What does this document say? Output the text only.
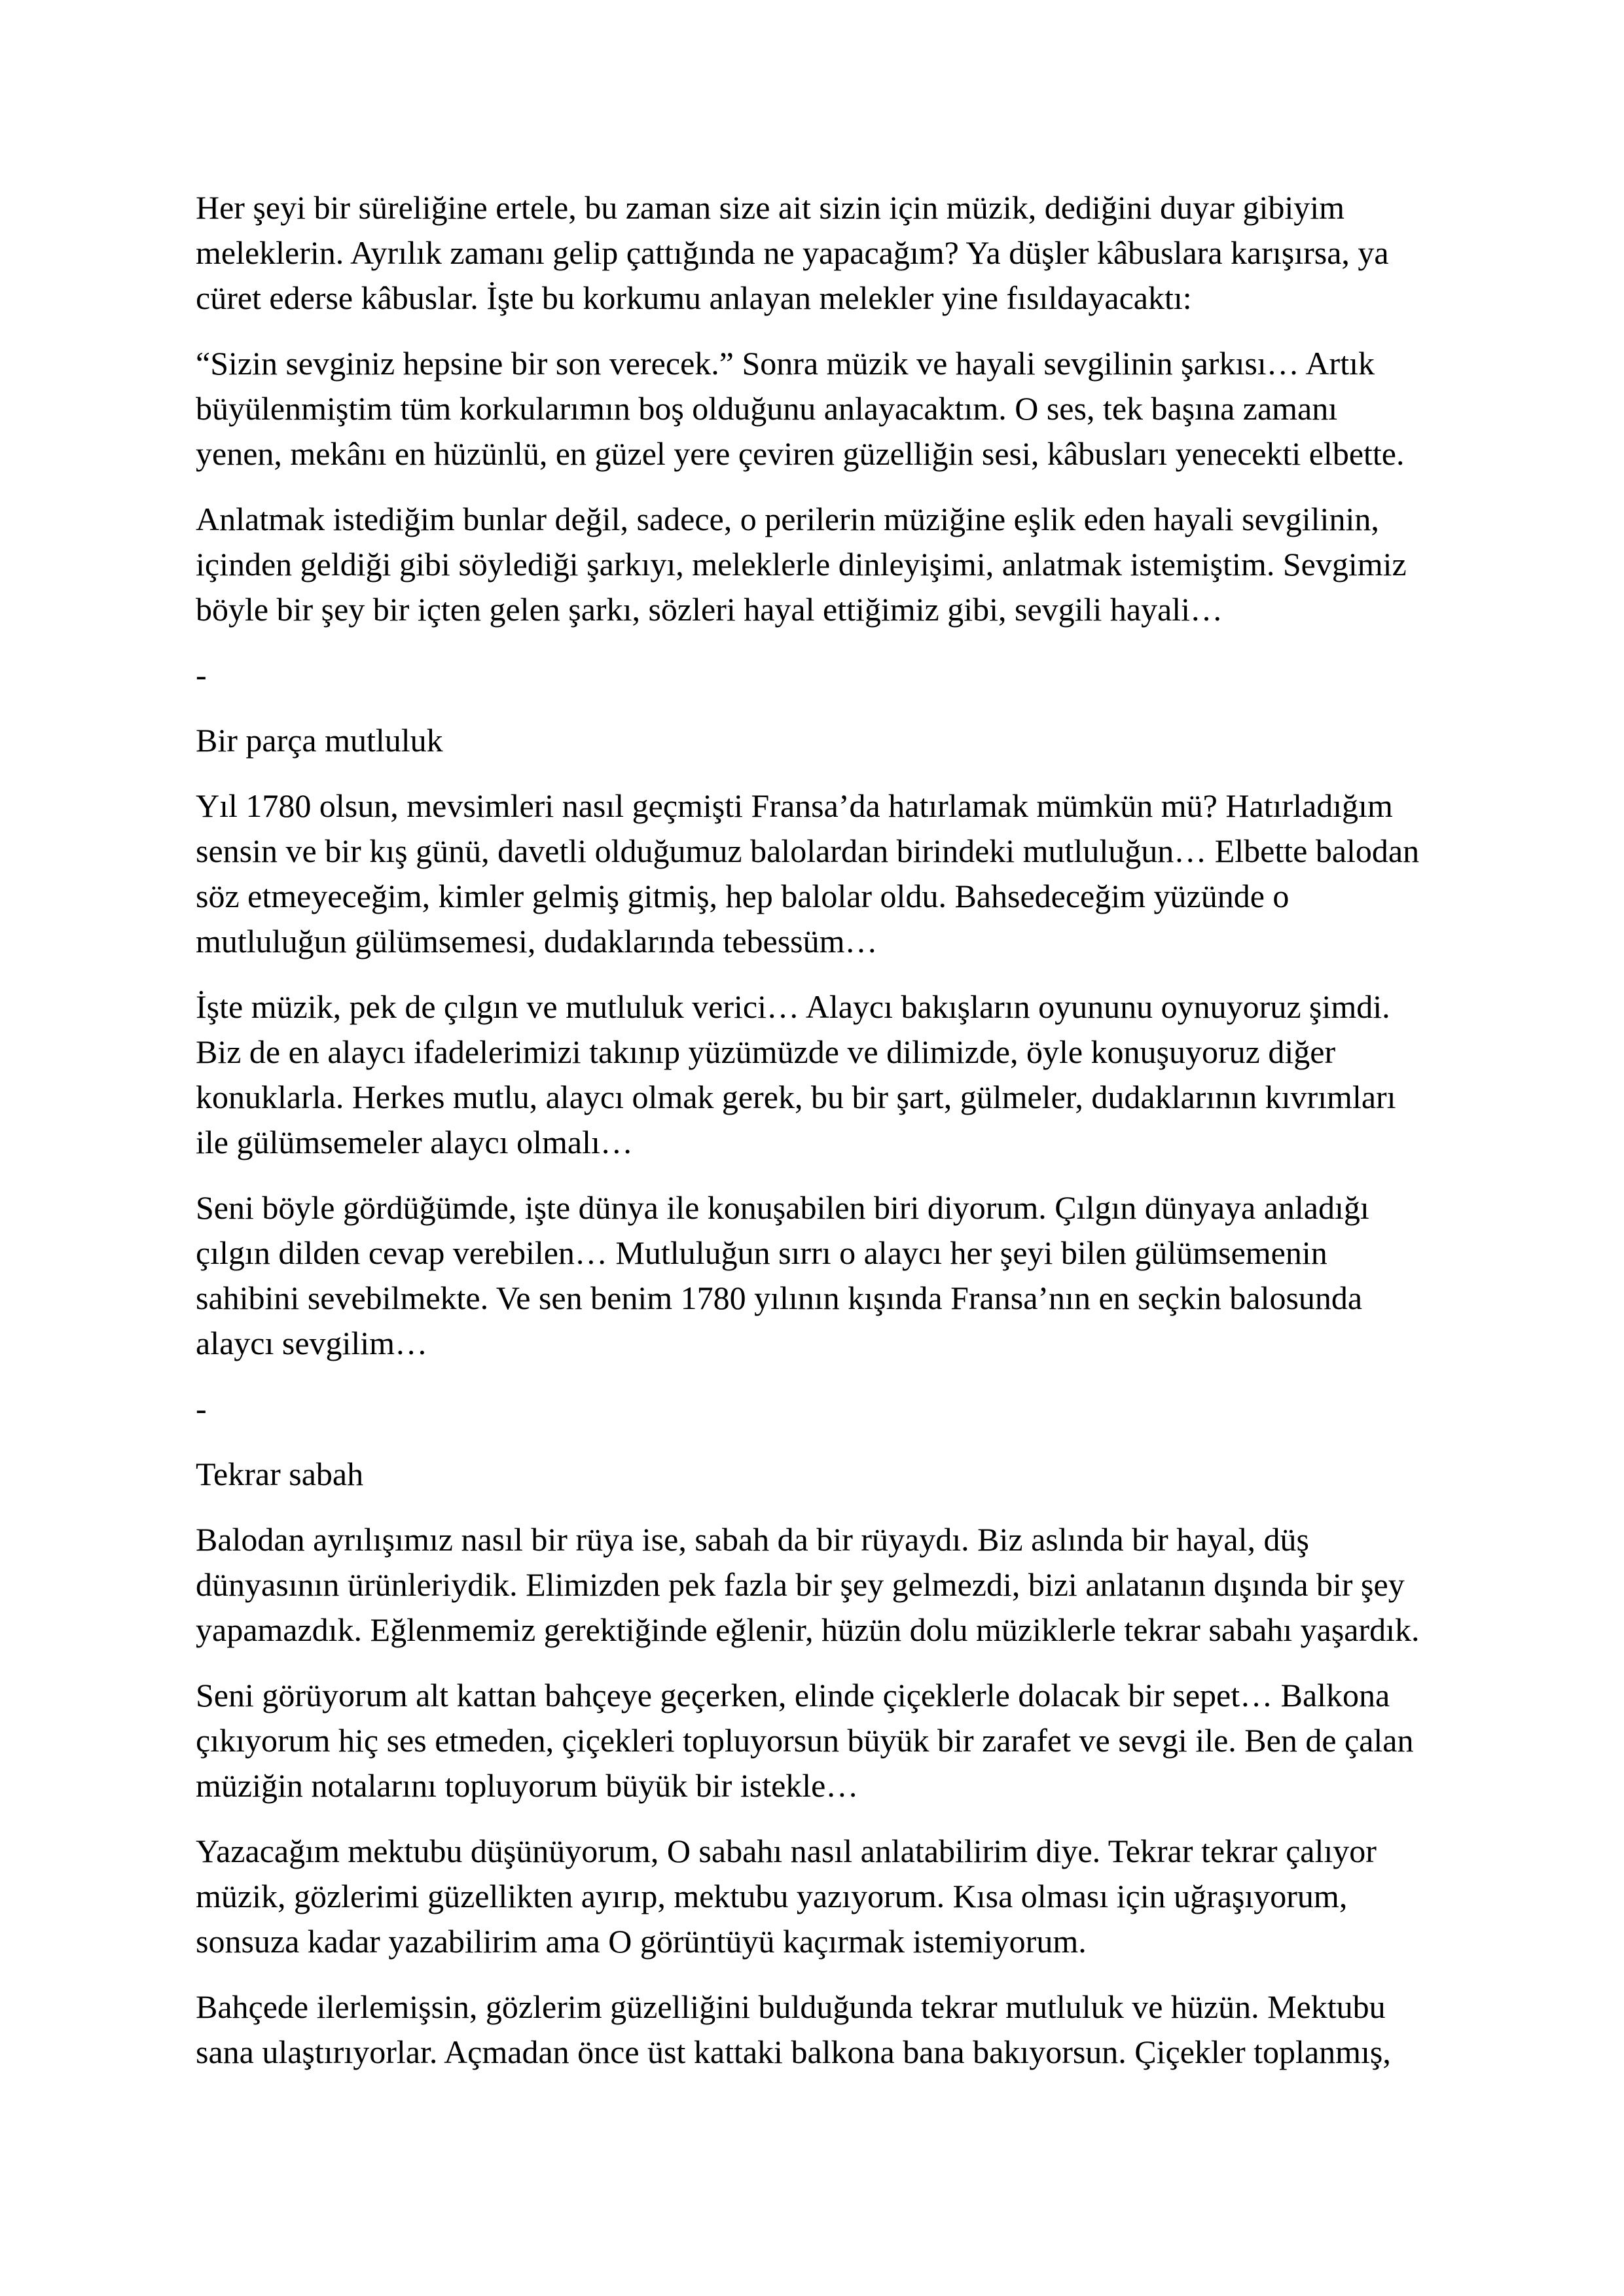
Her şeyi bir süreliğine ertele, bu zaman size ait sizin için müzik, dediğini duyar gibiyim meleklerin. Ayrılık zamanı gelip çattığında ne yapacağım? Ya düşler kâbuslara karışırsa, ya cüret ederse kâbuslar. İşte bu korkumu anlayan melekler yine fısıldayacaktı:

“Sizin sevginiz hepsine bir son verecek.” Sonra müzik ve hayali sevgilinin şarkısı… Artık büyülenmiştim tüm korkularımın boş olduğunu anlayacaktım. O ses, tek başına zamanı yenen, mekânı en hüzünlü, en güzel yere çeviren güzelliğin sesi, kâbusları yenecekti elbette.

Anlatmak istediğim bunlar değil, sadece, o perilerin müziğine eşlik eden hayali sevgilinin, içinden geldiği gibi söylediği şarkıyı, meleklerle dinleyişimi, anlatmak istemiştim. Sevgimiz böyle bir şey bir içten gelen şarkı, sözleri hayal ettiğimiz gibi, sevgili hayali…

-

Bir parça mutluluk

Yıl 1780 olsun, mevsimleri nasıl geçmişti Fransa’da hatırlamak mümkün mü? Hatırladığım sensin ve bir kış günü, davetli olduğumuz balolardan birindeki mutluluğun… Elbette balodan söz etmeyeceğim, kimler gelmiş gitmiş, hep balolar oldu. Bahsedeceğim yüzünde o mutluluğun gülümsemesi, dudaklarında tebessüm…

İşte müzik, pek de çılgın ve mutluluk verici… Alaycı bakışların oyununu oynuyoruz şimdi. Biz de en alaycı ifadelerimizi takınıp yüzümüzde ve dilimizde, öyle konuşuyoruz diğer konuklarla. Herkes mutlu, alaycı olmak gerek, bu bir şart, gülmeler, dudaklarının kıvrımları ile gülümsemeler alaycı olmalı…

Seni böyle gördüğümde, işte dünya ile konuşabilen biri diyorum. Çılgın dünyaya anladığı çılgın dilden cevap verebilen… Mutluluğun sırrı o alaycı her şeyi bilen gülümsemenin sahibini sevebilmekte. Ve sen benim 1780 yılının kışında Fransa’nın en seçkin balosunda alaycı sevgilim…

-

Tekrar sabah

Balodan ayrılışımız nasıl bir rüya ise, sabah da bir rüyaydı. Biz aslında bir hayal, düş dünyasının ürünleriydik. Elimizden pek fazla bir şey gelmezdi, bizi anlatanın dışında bir şey yapamazdık. Eğlenmemiz gerektiğinde eğlenir, hüzün dolu müziklerle tekrar sabahı yaşardık.

Seni görüyorum alt kattan bahçeye geçerken, elinde çiçeklerle dolacak bir sepet… Balkona çıkıyorum hiç ses etmeden, çiçekleri topluyorsun büyük bir zarafet ve sevgi ile. Ben de çalan müziğin notalarını topluyorum büyük bir istekle…

Yazacağım mektubu düşünüyorum, O sabahı nasıl anlatabilirim diye. Tekrar tekrar çalıyor müzik, gözlerimi güzellikten ayırıp, mektubu yazıyorum. Kısa olması için uğraşıyorum, sonsuza kadar yazabilirim ama O görüntüyü kaçırmak istemiyorum.

Bahçede ilerlemişsin, gözlerim güzelliğini bulduğunda tekrar mutluluk ve hüzün. Mektubu sana ulaştırıyorlar. Açmadan önce üst kattaki balkona bana bakıyorsun. Çiçekler toplanmış,
